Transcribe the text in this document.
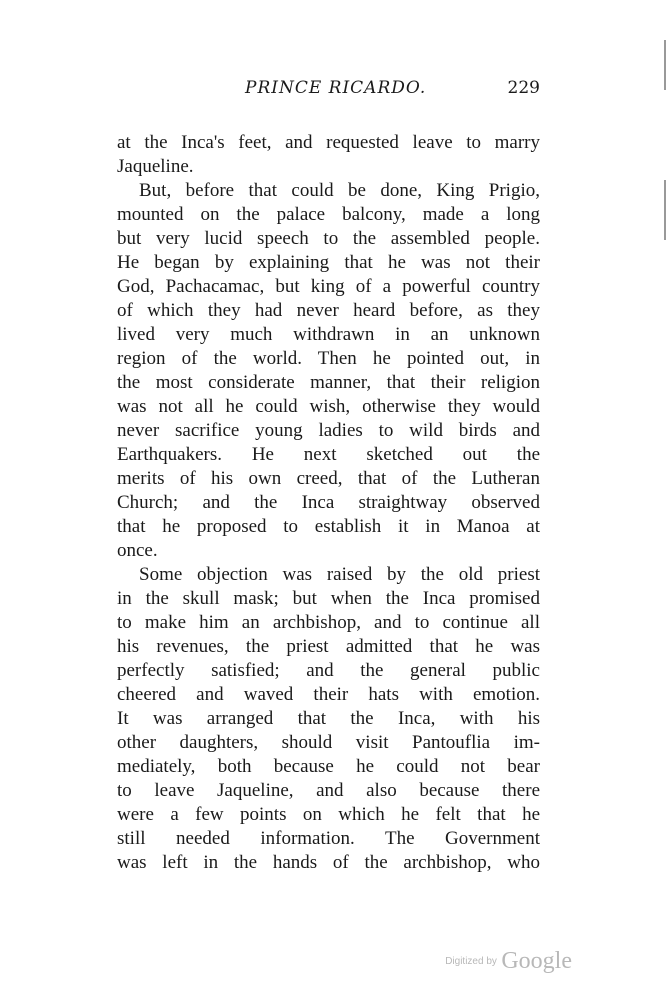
PRINCE RICARDO.	229
at the Inca's feet, and requested leave to marry
Jaqueline.
But, before that could be done, King Prigio,
mounted on the palace balcony, made a long
but very lucid speech to the assembled people.
He began by explaining that he was not their
God, Pachacamac, but king of a powerful country
of which they had never heard before, as they
lived very much withdrawn in an unknown
region of the world. Then he pointed out, in
the most considerate manner, that their religion
was not all he could wish, otherwise they would
never sacrifice young ladies to wild birds and
Earthquakers. He next sketched out the
merits of his own creed, that of the Lutheran
Church; and the Inca straightway observed
that he proposed to establish it in Manoa at
once.
Some objection was raised by the old priest
in the skull mask; but when the Inca promised
to make him an archbishop, and to continue all
his revenues, the priest admitted that he was
perfectly satisfied; and the general public
cheered and waved their hats with emotion.
It was arranged that the Inca, with his
other daughters, should visit Pantouflia im-
mediately, both because he could not bear
to leave Jaqueline, and also because there
were a few points on which he felt that he
still needed information. The Government
was left in the hands of the archbishop, who
Digitized by Google
